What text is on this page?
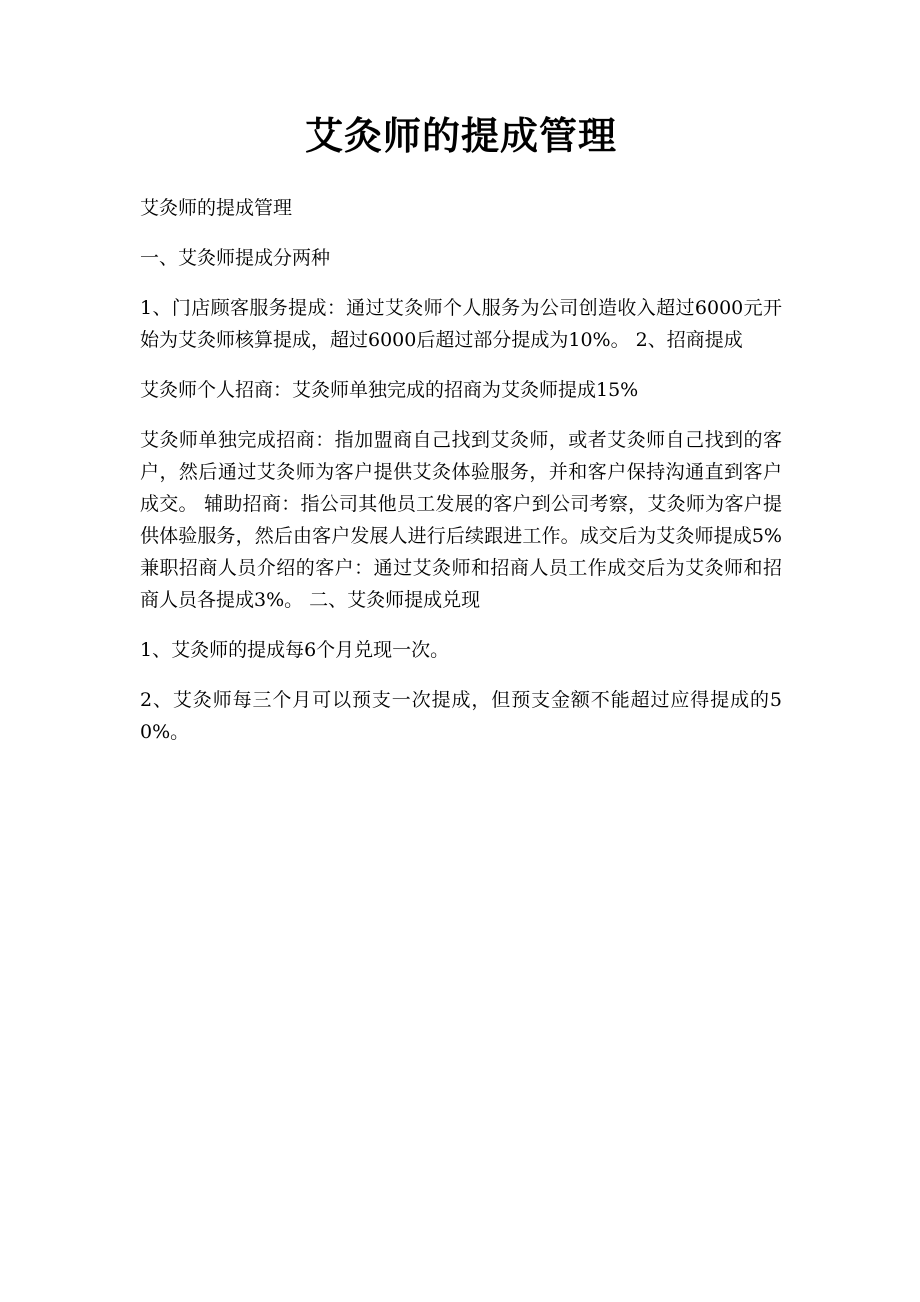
艾灸师的提成管理

艾灸师的提成管理

一、艾灸师提成分两种

1、门店顾客服务提成：通过艾灸师个人服务为公司创造收入超过6000元开始为艾灸师核算提成，超过6000后超过部分提成为10%。 2、招商提成

艾灸师个人招商：艾灸师单独完成的招商为艾灸师提成15%

艾灸师单独完成招商：指加盟商自己找到艾灸师，或者艾灸师自己找到的客户，然后通过艾灸师为客户提供艾灸体验服务，并和客户保持沟通直到客户成交。 辅助招商：指公司其他员工发展的客户到公司考察，艾灸师为客户提供体验服务，然后由客户发展人进行后续跟进工作。成交后为艾灸师提成5% 兼职招商人员介绍的客户：通过艾灸师和招商人员工作成交后为艾灸师和招商人员各提成3%。 二、艾灸师提成兑现

1、艾灸师的提成每6个月兑现一次。

2、艾灸师每三个月可以预支一次提成，但预支金额不能超过应得提成的50%。
